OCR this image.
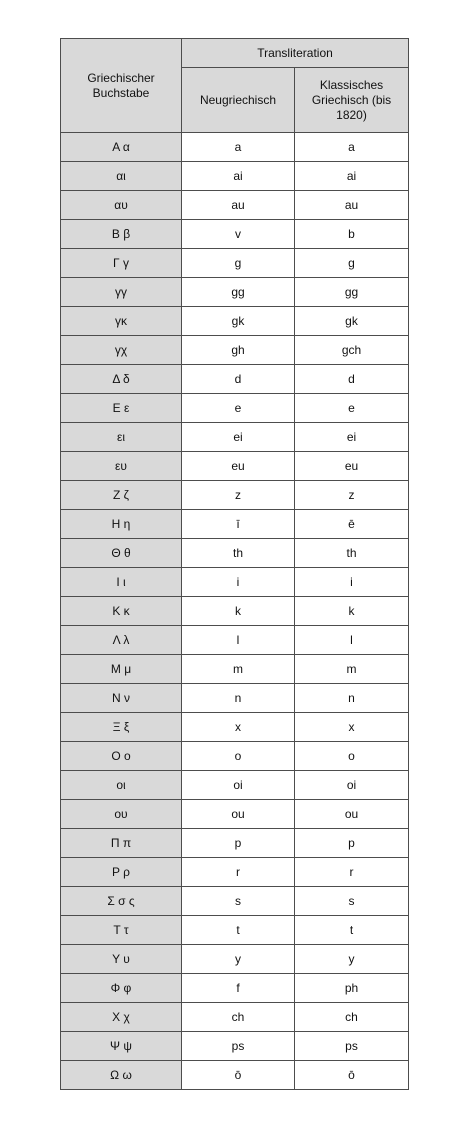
Griechischer Buchstabe	Transliteration	
	Neugriechisch	Klassisches Griechisch (bis 1820)
Α α	a	a
αι	ai	ai
αυ	au	au
Β β	v	b
Γ γ	g	g
γγ	gg	gg
γκ	gk	gk
γχ	gh	gch
Δ δ	d	d
Ε ε	e	e
ει	ei	ei
ευ	eu	eu
Ζ ζ	z	z
Η η	ī	ē
Θ θ	th	th
Ι ι	i	i
Κ κ	k	k
Λ λ	l	l
Μ μ	m	m
Ν ν	n	n
Ξ ξ	x	x
Ο ο	o	o
οι	oi	oi
ου	ou	ou
Π π	p	p
Ρ ρ	r	r
Σ σ ς	s	s
Τ τ	t	t
Υ υ	y	y
Φ φ	f	ph
Χ χ	ch	ch
Ψ ψ	ps	ps
Ω ω	ō	ō
